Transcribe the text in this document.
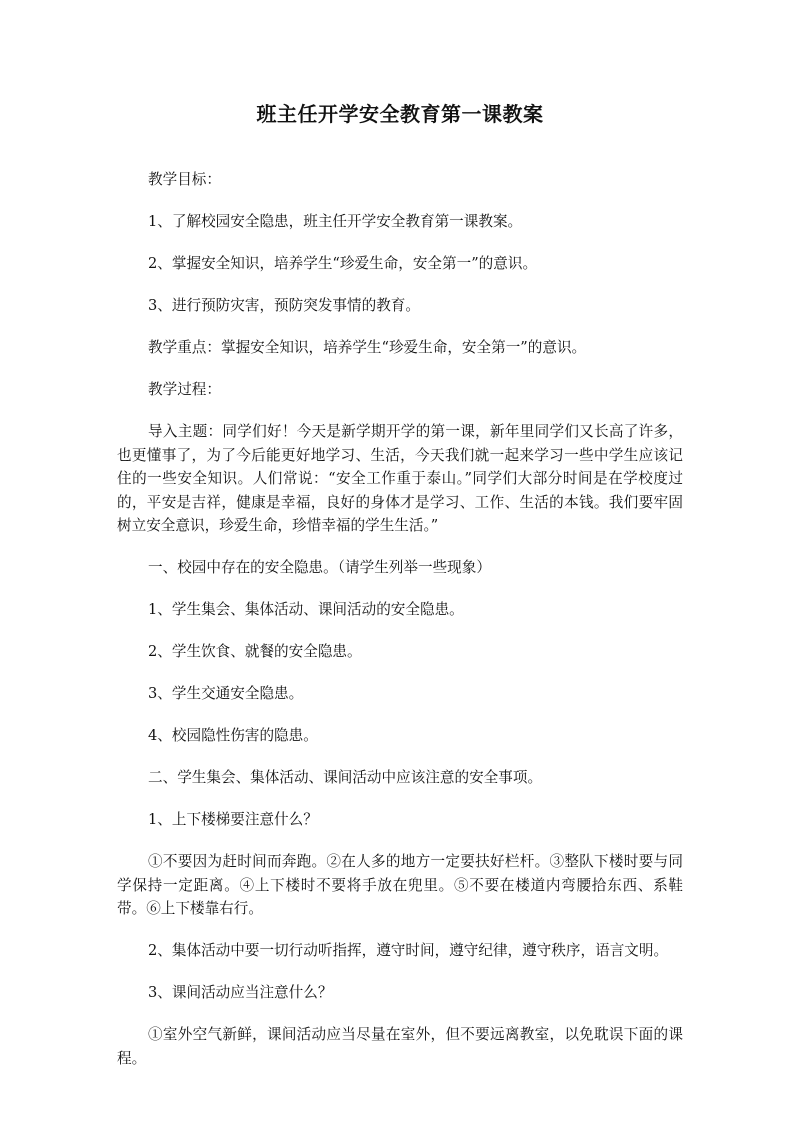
班主任开学安全教育第一课教案

教学目标：

1、了解校园安全隐患，班主任开学安全教育第一课教案。

2、掌握安全知识，培养学生“珍爱生命，安全第一”的意识。

3、进行预防灾害，预防突发事情的教育。

教学重点：掌握安全知识，培养学生“珍爱生命，安全第一”的意识。

教学过程：

导入主题：同学们好！今天是新学期开学的第一课，新年里同学们又长高了许多，也更懂事了，为了今后能更好地学习、生活，今天我们就一起来学习一些中学生应该记住的一些安全知识。人们常说：“安全工作重于泰山。”同学们大部分时间是在学校度过的，平安是吉祥，健康是幸福，良好的身体才是学习、工作、生活的本钱。我们要牢固树立安全意识，珍爱生命，珍惜幸福的学生生活。”

一、校园中存在的安全隐患。（请学生列举一些现象）

1、学生集会、集体活动、课间活动的安全隐患。

2、学生饮食、就餐的安全隐患。

3、学生交通安全隐患。

4、校园隐性伤害的隐患。

二、学生集会、集体活动、课间活动中应该注意的安全事项。

1、上下楼梯要注意什么？

①不要因为赶时间而奔跑。②在人多的地方一定要扶好栏杆。③整队下楼时要与同学保持一定距离。④上下楼时不要将手放在兜里。⑤不要在楼道内弯腰拾东西、系鞋带。⑥上下楼靠右行。

2、集体活动中要一切行动听指挥，遵守时间，遵守纪律，遵守秩序，语言文明。

3、课间活动应当注意什么？

①室外空气新鲜，课间活动应当尽量在室外，但不要远离教室，以免耽误下面的课程。
